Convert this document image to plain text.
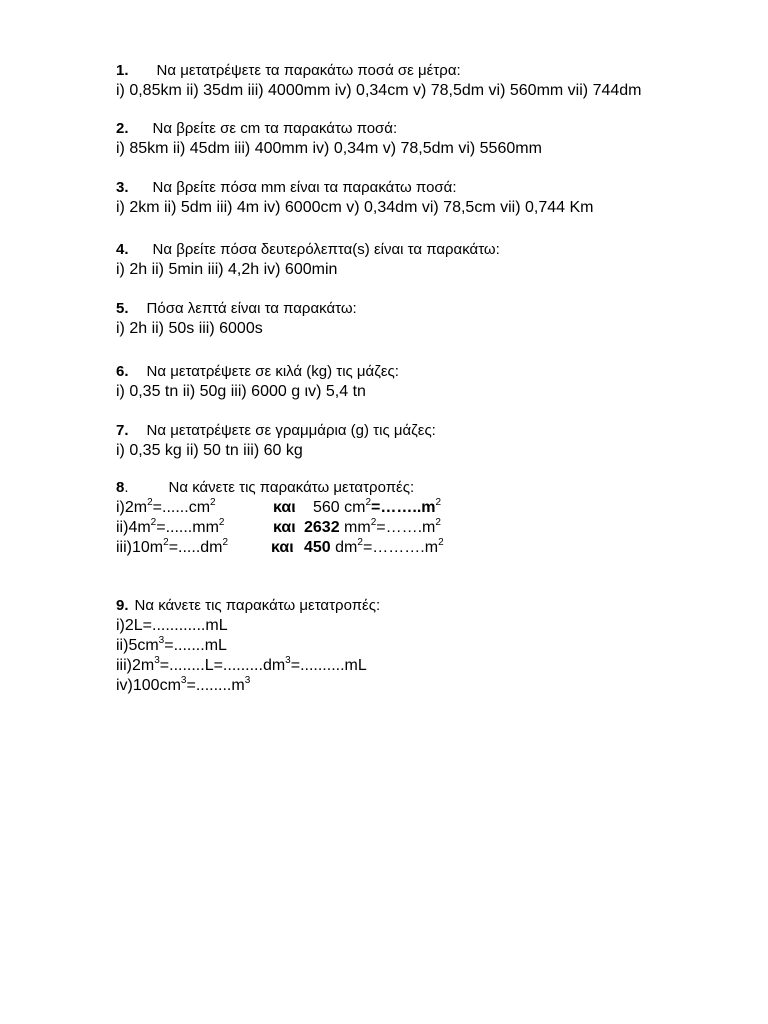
1. Να μετατρέψετε τα παρακάτω ποσά σε μέτρα:
i) 0,85km ii) 35dm iii) 4000mm iv) 0,34cm v) 78,5dm vi) 560mm vii) 744dm
2. Να βρείτε σε cm τα παρακάτω ποσά:
i) 85km ii) 45dm iii) 400mm iv) 0,34m v) 78,5dm vi) 5560mm
3. Να βρείτε πόσα mm είναι τα παρακάτω ποσά:
i) 2km ii) 5dm iii) 4m iv) 6000cm v) 0,34dm vi) 78,5cm vii) 0,744 Km
4. Να βρείτε πόσα δευτερόλεπτα(s) είναι τα παρακάτω:
i) 2h ii) 5min iii) 4,2h iv) 600min
5. Πόσα λεπτά είναι τα παρακάτω:
i) 2h ii) 50s iii) 6000s
6. Να μετατρέψετε σε κιλά (kg) τις μάζες:
i) 0,35 tn ii) 50g iii) 6000 g ιv) 5,4 tn
7. Να μετατρέψετε σε γραμμάρια (g) τις μάζες:
i) 0,35 kg ii) 50 tn iii) 60 kg
8.	Να κάνετε τις παρακάτω μετατροπές:
$i)2m^2=......cm^2$	και	560 $cm^2=\dots\dots..m^2$
$ii)4m^2=......mm^2$	και 2632 $mm^2=\dots\dots.m^2$
$iii)10m^2=.....dm^2$	και 450 $dm^2=\dots\dots\dots.m^2$
9. Να κάνετε τις παρακάτω μετατροπές:
i)2L=............mL
$ii)5cm^3=.......mL$
$iii)2m^3=........L=.........dm^3=..........mL$
$iv)100cm^3=........m^3$
